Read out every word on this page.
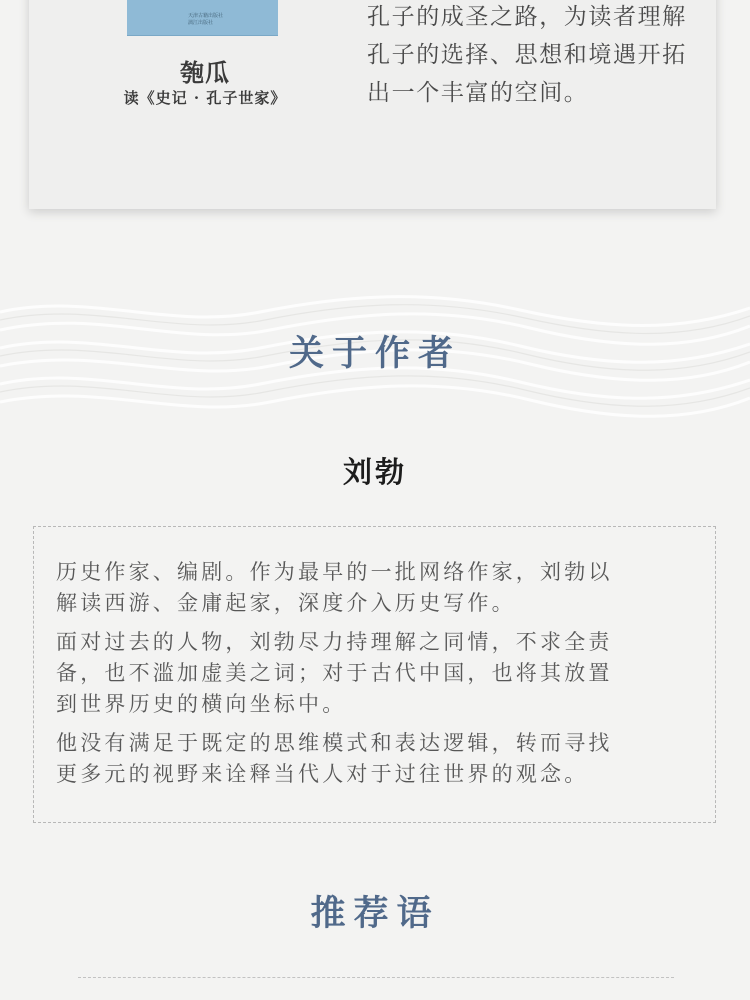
天津古籍出版社
漓江出版社
匏瓜
读《史记 · 孔子世家》
孔子的成圣之路，为读者理解
孔子的选择、思想和境遇开拓
出一个丰富的空间。
关于作者
刘勃

历史作家、编剧。作为最早的一批网络作家，刘勃以
解读西游、金庸起家，深度介入历史写作。

面对过去的人物，刘勃尽力持理解之同情，不求全责
备，也不滥加虚美之词；对于古代中国，也将其放置
到世界历史的横向坐标中。

他没有满足于既定的思维模式和表达逻辑，转而寻找
更多元的视野来诠释当代人对于过往世界的观念。

推荐语
